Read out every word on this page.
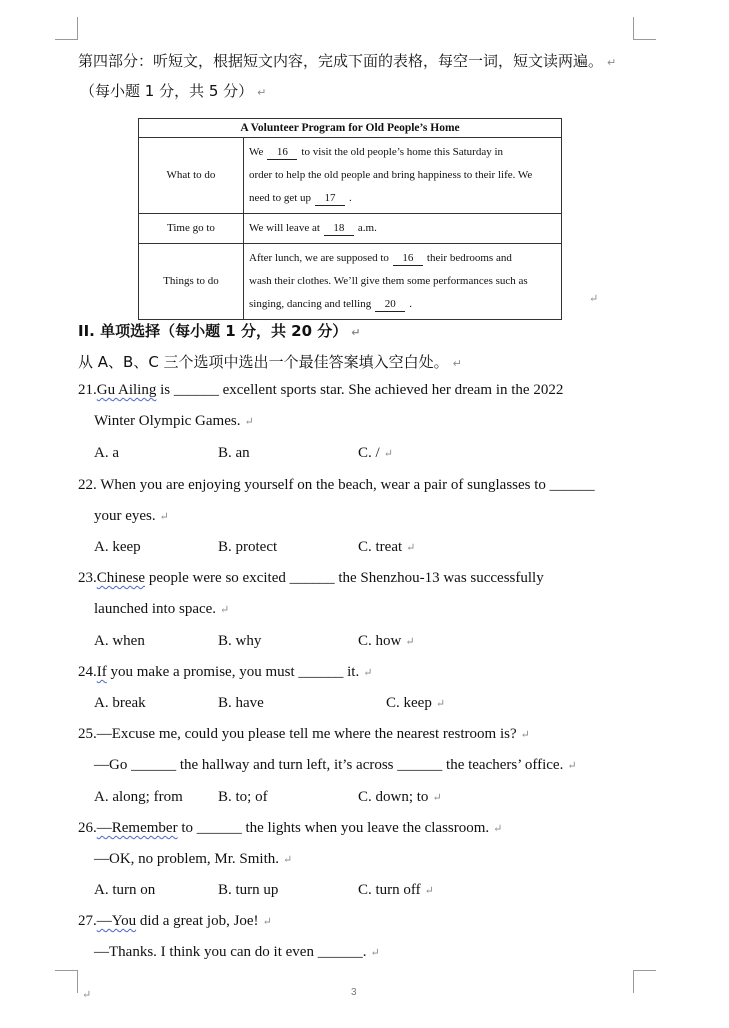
第四部分：听短文，根据短文内容，完成下面的表格，每空一词，短文读两遍。 ↵
（每小题 1 分，共 5 分） ↵
A Volunteer Program for Old People’s Home	
What to do	We 16 to visit the old people’s home this Saturday in
order to help the old people and bring happiness to their life. We
need to get up 17 .

Time go to	We will leave at 18 a.m.

Things to do	After lunch, we are supposed to 16 their bedrooms and
wash their clothes. We’ll give them some performances such as
singing, dancing and telling 20 .	↵
II. 单项选择（每小题 1 分，共 20 分） ↵
从 A、B、C 三个选项中选出一个最佳答案填入空白处。 ↵
21.Gu Ailing is ______ excellent sports star. She achieved her dream in the 2022
Winter Olympic Games. ↵
A. a	B. an	C. / ↵
22. When you are enjoying yourself on the beach, wear a pair of sunglasses to ______
your eyes. ↵
A. keep	B. protect	C. treat ↵
23.Chinese people were so excited ______ the Shenzhou-13 was successfully
launched into space. ↵
A. when	B. why	C. how ↵
24.If you make a promise, you must ______ it. ↵
A. break	B. have	C. keep ↵
25.—Excuse me, could you please tell me where the nearest restroom is? ↵
—Go ______ the hallway and turn left, it’s across ______ the teachers’ office. ↵
A. along; from B. to; of	C. down; to ↵
26.—Remember to ______ the lights when you leave the classroom. ↵
—OK, no problem, Mr. Smith. ↵
A. turn on	B. turn up	C. turn off ↵
27.—You did a great job, Joe! ↵
—Thanks. I think you can do it even ______. ↵
↵	3
